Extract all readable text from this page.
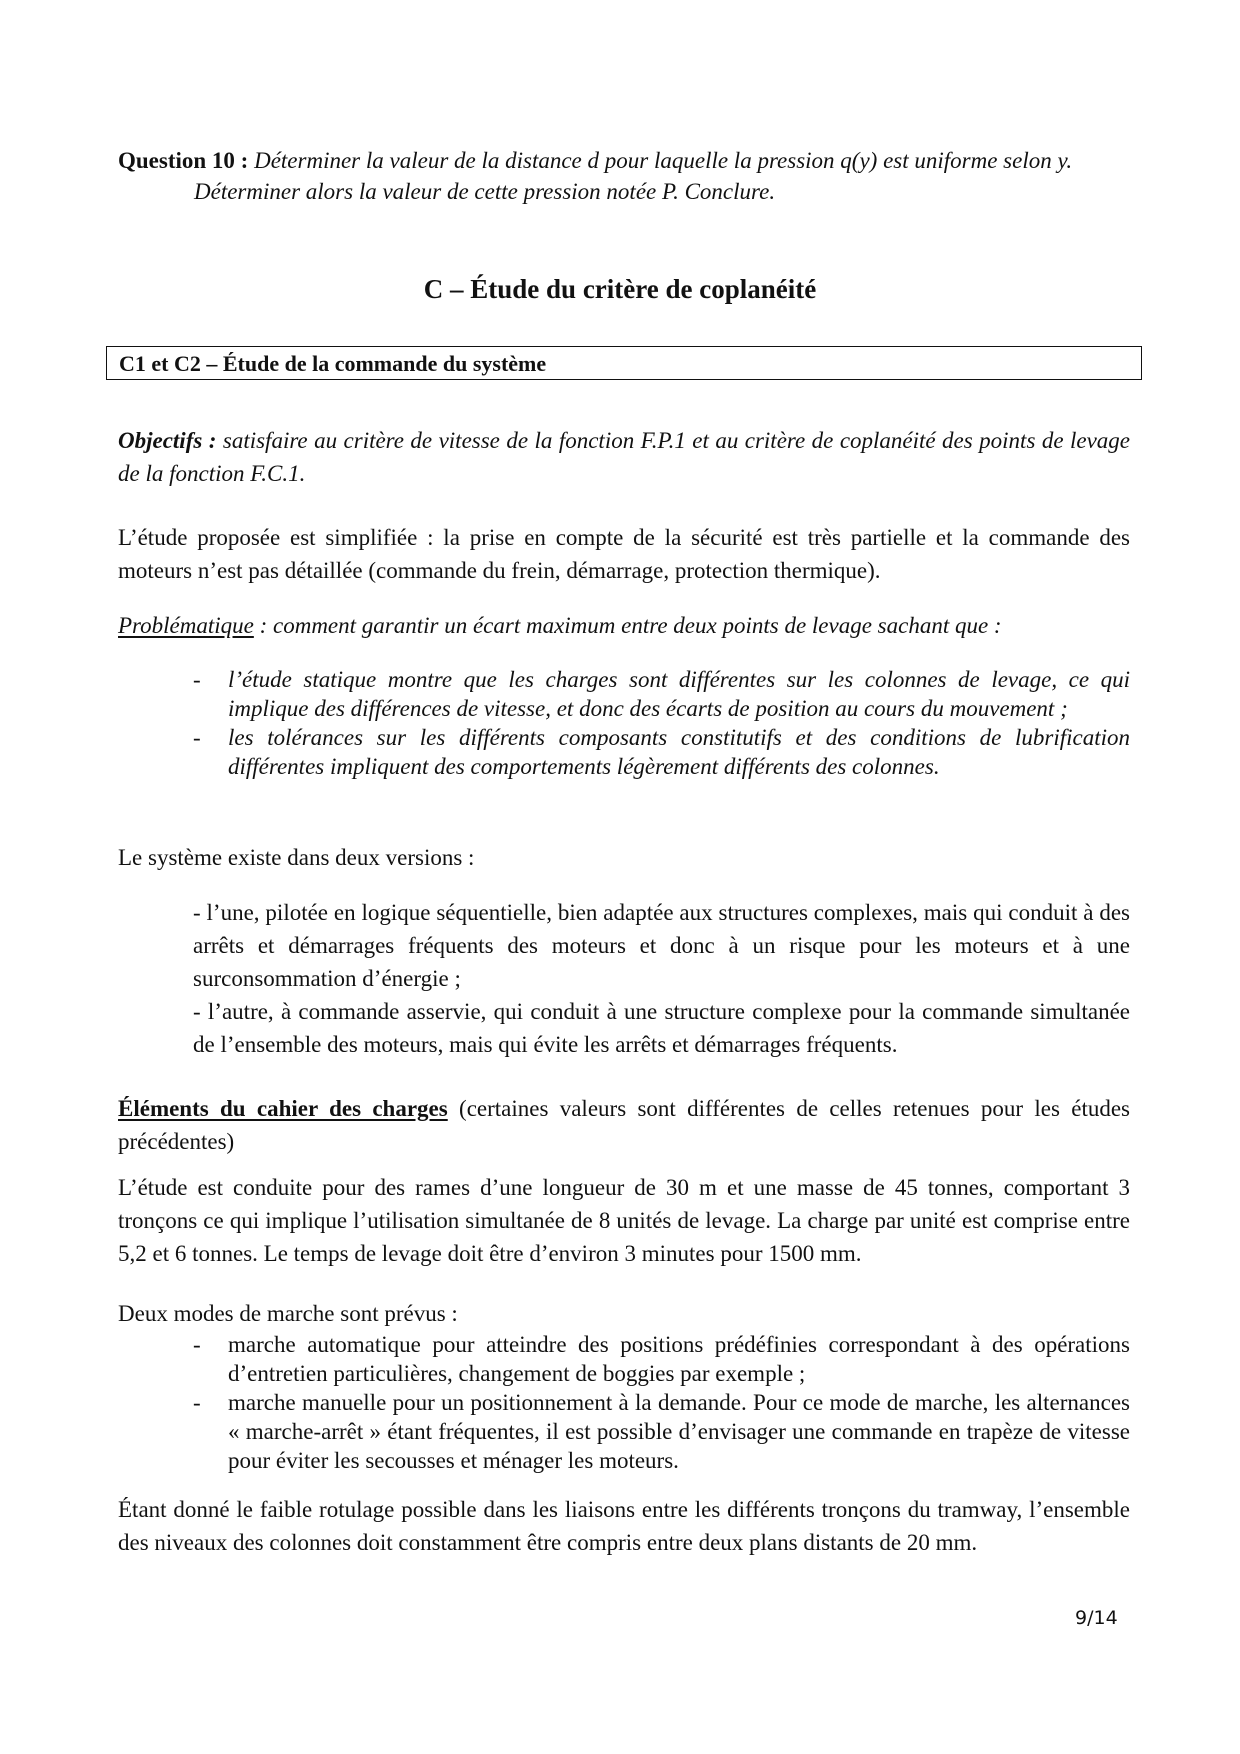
Question 10 : Déterminer la valeur de la distance d pour laquelle la pression q(y) est uniforme selon y.
Déterminer alors la valeur de cette pression notée P. Conclure.

C – Étude du critère de coplanéité
C1 et C2 – Étude de la commande du système

Objectifs : satisfaire au critère de vitesse de la fonction F.P.1 et au critère de coplanéité des points de levage de la fonction F.C.1.

L’étude proposée est simplifiée : la prise en compte de la sécurité est très partielle et la commande des moteurs n’est pas détaillée (commande du frein, démarrage, protection thermique).

Problématique : comment garantir un écart maximum entre deux points de levage sachant que :

- l’étude statique montre que les charges sont différentes sur les colonnes de levage, ce qui implique des différences de vitesse, et donc des écarts de position au cours du mouvement ;
- les tolérances sur les différents composants constitutifs et des conditions de lubrification différentes impliquent des comportements légèrement différents des colonnes.

Le système existe dans deux versions :

- l’une, pilotée en logique séquentielle, bien adaptée aux structures complexes, mais qui conduit à des arrêts et démarrages fréquents des moteurs et donc à un risque pour les moteurs et à une surconsommation d’énergie ;

- l’autre, à commande asservie, qui conduit à une structure complexe pour la commande simultanée de l’ensemble des moteurs, mais qui évite les arrêts et démarrages fréquents.

Éléments du cahier des charges (certaines valeurs sont différentes de celles retenues pour les études précédentes)

L’étude est conduite pour des rames d’une longueur de 30 m et une masse de 45 tonnes, comportant 3 tronçons ce qui implique l’utilisation simultanée de 8 unités de levage. La charge par unité est comprise entre 5,2 et 6 tonnes. Le temps de levage doit être d’environ 3 minutes pour 1500 mm.

Deux modes de marche sont prévus :

- marche automatique pour atteindre des positions prédéfinies correspondant à des opérations d’entretien particulières, changement de boggies par exemple ;
- marche manuelle pour un positionnement à la demande. Pour ce mode de marche, les alternances « marche-arrêt » étant fréquentes, il est possible d’envisager une commande en trapèze de vitesse pour éviter les secousses et ménager les moteurs.

Étant donné le faible rotulage possible dans les liaisons entre les différents tronçons du tramway, l’ensemble des niveaux des colonnes doit constamment être compris entre deux plans distants de 20 mm.

9/14
